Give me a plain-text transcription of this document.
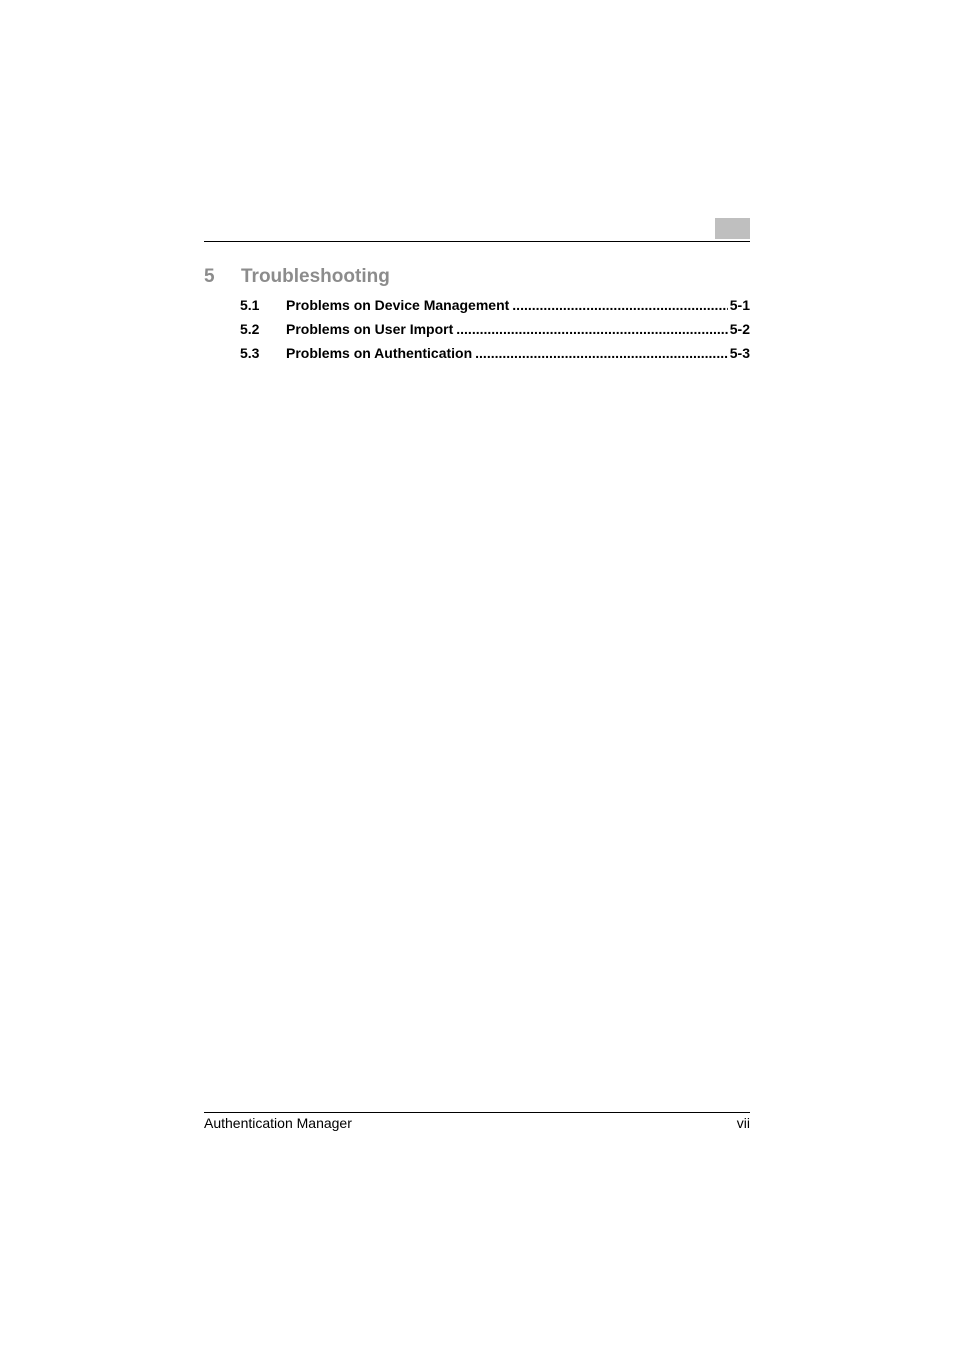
5 Troubleshooting
5.1	Problems on Device Management .....	5-1
5.2	Problems on User Import .....	5-2
5.3	Problems on Authentication .....	5-3
Authentication Manager	vii
